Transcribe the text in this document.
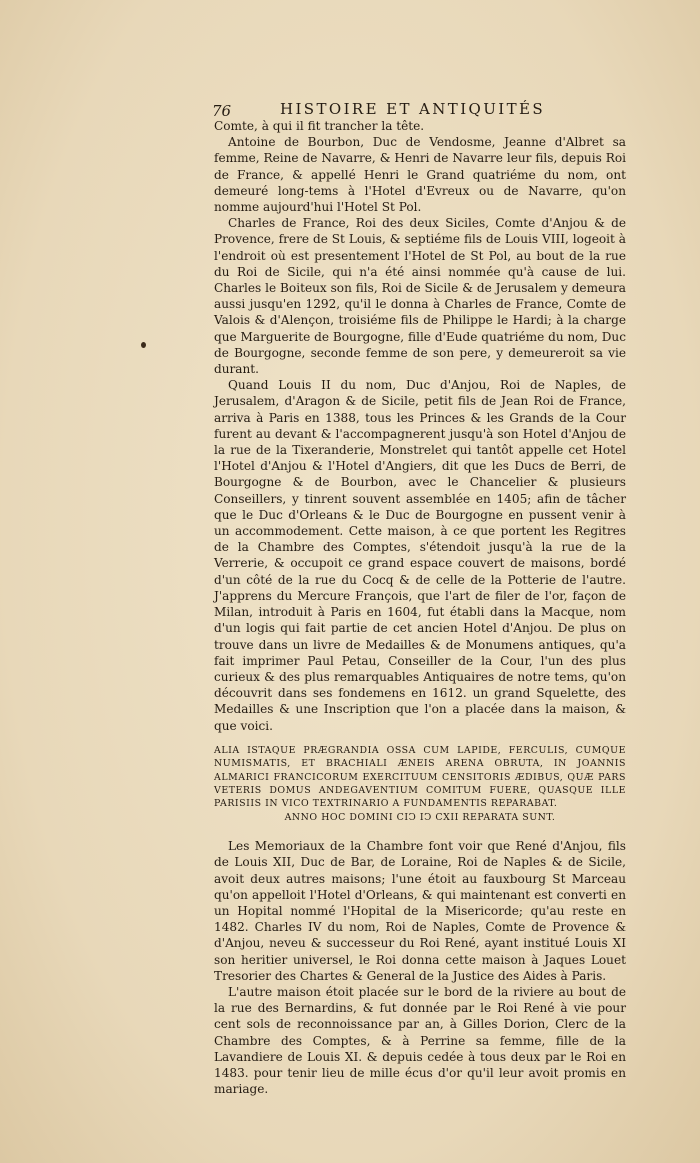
76	HISTOIRE ET ANTIQUITÉS

Comte, à qui il fit trancher la tête.

Antoine de Bourbon, Duc de Vendosme, Jeanne d'Albret sa femme, Reine de Navarre, & Henri de Navarre leur fils, depuis Roi de France, & appellé Henri le Grand quatriéme du nom, ont demeuré long-tems à l'Hotel d'Evreux ou de Navarre, qu'on nomme aujourd'hui l'Hotel St Pol.

Charles de France, Roi des deux Siciles, Comte d'Anjou & de Provence, frere de St Louis, & septiéme fils de Louis VIII, logeoit à l'endroit où est presentement l'Hotel de St Pol, au bout de la rue du Roi de Sicile, qui n'a été ainsi nommée qu'à cause de lui. Charles le Boiteux son fils, Roi de Sicile & de Jerusalem y demeura aussi jusqu'en 1292, qu'il le donna à Charles de France, Comte de Valois & d'Alençon, troisiéme fils de Philippe le Hardi; à la charge que Marguerite de Bourgogne, fille d'Eude quatriéme du nom, Duc de Bourgogne, seconde femme de son pere, y demeureroit sa vie durant.

Quand Louis II du nom, Duc d'Anjou, Roi de Naples, de Jerusalem, d'Aragon & de Sicile, petit fils de Jean Roi de France, arriva à Paris en 1388, tous les Princes & les Grands de la Cour furent au devant & l'accompagnerent jusqu'à son Hotel d'Anjou de la rue de la Tixeranderie, Monstrelet qui tantôt appelle cet Hotel l'Hotel d'Anjou & l'Hotel d'Angiers, dit que les Ducs de Berri, de Bourgogne & de Bourbon, avec le Chancelier & plusieurs Conseillers, y tinrent souvent assemblée en 1405; afin de tâcher que le Duc d'Orleans & le Duc de Bourgogne en pussent venir à un accommodement. Cette maison, à ce que portent les Regitres de la Chambre des Comptes, s'étendoit jusqu'à la rue de la Verrerie, & occupoit ce grand espace couvert de maisons, bordé d'un côté de la rue du Cocq & de celle de la Potterie de l'autre. J'apprens du Mercure François, que l'art de filer de l'or, façon de Milan, introduit à Paris en 1604, fut établi dans la Macque, nom d'un logis qui fait partie de cet ancien Hotel d'Anjou. De plus on trouve dans un livre de Medailles & de Monumens antiques, qu'a fait imprimer Paul Petau, Conseiller de la Cour, l'un des plus curieux & des plus remarquables Antiquaires de notre tems, qu'on découvrit dans ses fondemens en 1612. un grand Squelette, des Medailles & une Inscription que l'on a placée dans la maison, & que voici.

ALIA ISTAQUE PRÆGRANDIA OSSA CUM LAPIDE, FERCULIS, CUMQUE NUMISMATIS, ET BRACHIALI ÆNEIS ARENA OBRUTA, IN JOANNIS ALMARICI FRANCICORUM EXERCITUUM CENSITORIS ÆDIBUS, QUÆ PARS VETERIS DOMUS ANDEGAVENTIUM COMITUM FUERE, QUASQUE ILLE PARISIIS IN VICO TEXTRINARIO A FUNDAMENTIS REPARABAT.
ANNO HOC DOMINI CIↃ IↃ CXII REPARATA SUNT.

Les Memoriaux de la Chambre font voir que René d'Anjou, fils de Louis XII, Duc de Bar, de Loraine, Roi de Naples & de Sicile, avoit deux autres maisons; l'une étoit au fauxbourg St Marceau qu'on appelloit l'Hotel d'Orleans, & qui maintenant est converti en un Hopital nommé l'Hopital de la Misericorde; qu'au reste en 1482. Charles IV du nom, Roi de Naples, Comte de Provence & d'Anjou, neveu & successeur du Roi René, ayant institué Louis XI son heritier universel, le Roi donna cette maison à Jaques Louet Tresorier des Chartes & General de la Justice des Aides à Paris.

L'autre maison étoit placée sur le bord de la riviere au bout de la rue des Bernardins, & fut donnée par le Roi René à vie pour cent sols de reconnoissance par an, à Gilles Dorion, Clerc de la Chambre des Comptes, & à Perrine sa femme, fille de la Lavandiere de Louis XI. & depuis cedée à tous deux par le Roi en 1483. pour tenir lieu de mille écus d'or qu'il leur avoit promis en mariage.
